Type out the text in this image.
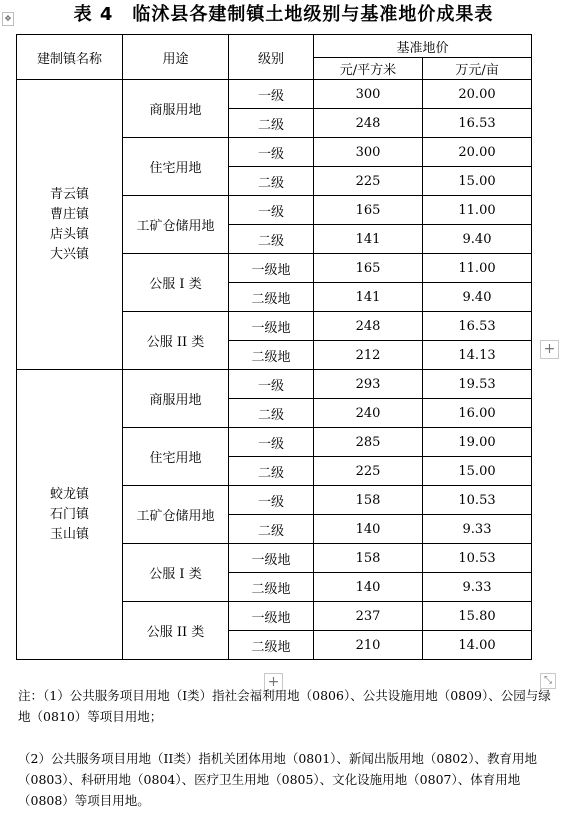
表 4　临沭县各建制镇土地级别与基准地价成果表
✥
建制镇名称	用途	级别	基准地价	
			元/平方米	万元/亩

青云镇
曹庄镇
店头镇
大兴镇	商服用地	一级	300	20.00
		二级	248	16.53
	住宅用地	一级	300	20.00
		二级	225	15.00
	工矿仓储用地	一级	165	11.00
		二级	141	9.40
	公服 I 类	一级地	165	11.00
		二级地	141	9.40
	公服 II 类	一级地	248	16.53
		二级地	212	14.13

蛟龙镇
石门镇
玉山镇	商服用地	一级	293	19.53
		二级	240	16.00
	住宅用地	一级	285	19.00
		二级	225	15.00
	工矿仓储用地	一级	158	10.53
		二级	140	9.33
	公服 I 类	一级地	158	10.53
		二级地	140	9.33
	公服 II 类	一级地	237	15.80
		二级地	210	14.00
+
+	⤡

注：（1）公共服务项目用地（I类）指社会福利用地（0806）、公共设施用地（0809）、公园与绿地（0810）等项目用地；

（2）公共服务项目用地（II类）指机关团体用地（0801）、新闻出版用地（0802）、教育用地（0803）、科研用地（0804）、医疗卫生用地（0805）、文化设施用地（0807）、体育用地（0808）等项目用地。
